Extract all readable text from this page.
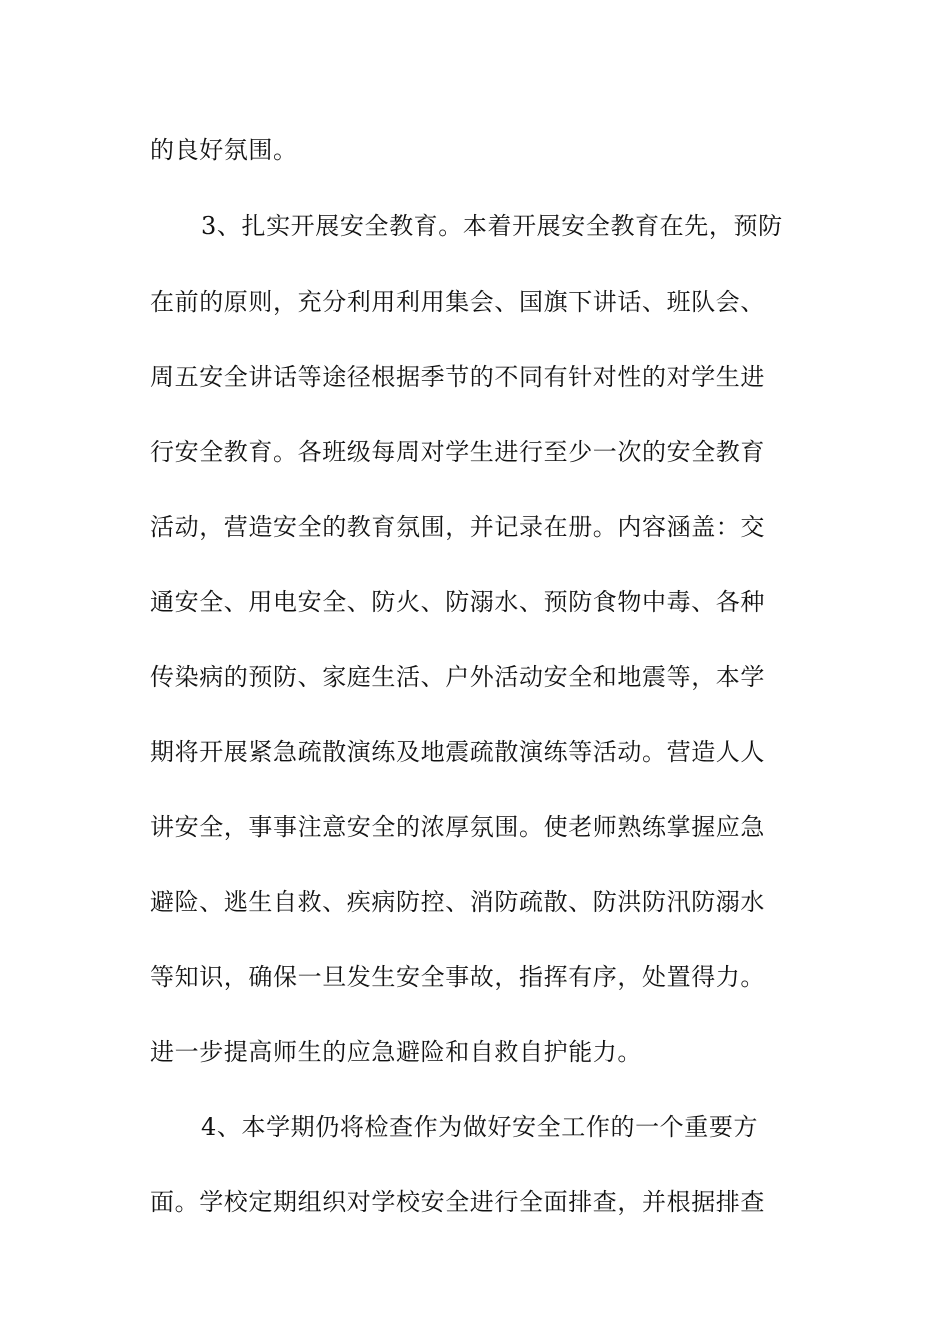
的良好氛围。
3、扎实开展安全教育。本着开展安全教育在先，预防
在前的原则，充分利用利用集会、国旗下讲话、班队会、
周五安全讲话等途径根据季节的不同有针对性的对学生进
行安全教育。各班级每周对学生进行至少一次的安全教育
活动，营造安全的教育氛围，并记录在册。内容涵盖：交
通安全、用电安全、防火、防溺水、预防食物中毒、各种
传染病的预防、家庭生活、户外活动安全和地震等，本学
期将开展紧急疏散演练及地震疏散演练等活动。营造人人
讲安全，事事注意安全的浓厚氛围。使老师熟练掌握应急
避险、逃生自救、疾病防控、消防疏散、防洪防汛防溺水
等知识，确保一旦发生安全事故，指挥有序，处置得力。
进一步提高师生的应急避险和自救自护能力。
4、本学期仍将检查作为做好安全工作的一个重要方
面。学校定期组织对学校安全进行全面排查，并根据排查
